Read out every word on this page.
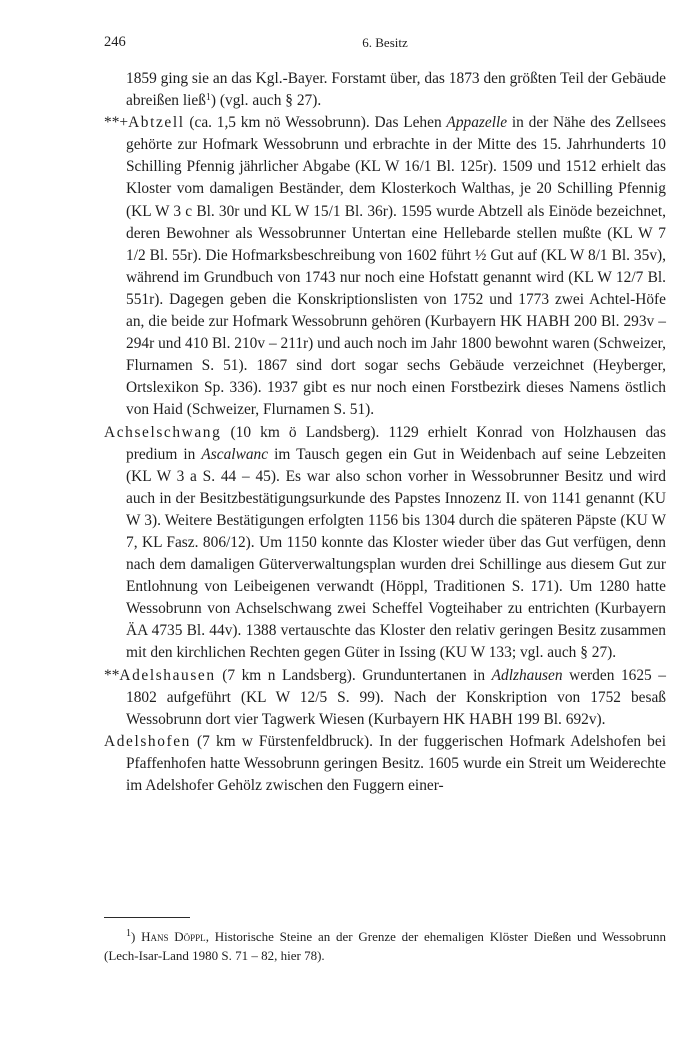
246	6. Besitz

1859 ging sie an das Kgl.-Bayer. Forstamt über, das 1873 den größten Teil der Gebäude abreißen ließ$^1$) (vgl. auch § 27).

**+Abtzell (ca. 1,5 km nö Wessobrunn). Das Lehen Appazelle in der Nähe des Zellsees gehörte zur Hofmark Wessobrunn und erbrachte in der Mitte des 15. Jahrhunderts 10 Schilling Pfennig jährlicher Abgabe (KL W 16/1 Bl. 125r). 1509 und 1512 erhielt das Kloster vom damaligen Beständer, dem Klosterkoch Walthas, je 20 Schilling Pfennig (KL W 3 c Bl. 30r und KL W 15/1 Bl. 36r). 1595 wurde Abtzell als Einöde bezeichnet, deren Bewohner als Wessobrunner Untertan eine Hellebarde stellen mußte (KL W 7 1/2 Bl. 55r). Die Hofmarksbeschreibung von 1602 führt ½ Gut auf (KL W 8/1 Bl. 35v), während im Grundbuch von 1743 nur noch eine Hofstatt genannt wird (KL W 12/7 Bl. 551r). Dagegen geben die Konskriptionslisten von 1752 und 1773 zwei Achtel-Höfe an, die beide zur Hofmark Wessobrunn gehören (Kurbayern HK HABH 200 Bl. 293v – 294r und 410 Bl. 210v – 211r) und auch noch im Jahr 1800 bewohnt waren (Schweizer, Flurnamen S. 51). 1867 sind dort sogar sechs Gebäude verzeichnet (Heyberger, Ortslexikon Sp. 336). 1937 gibt es nur noch einen Forstbezirk dieses Namens östlich von Haid (Schweizer, Flurnamen S. 51).

Achselschwang (10 km ö Landsberg). 1129 erhielt Konrad von Holzhausen das predium in Ascalwanc im Tausch gegen ein Gut in Weidenbach auf seine Lebzeiten (KL W 3 a S. 44 – 45). Es war also schon vorher in Wessobrunner Besitz und wird auch in der Besitzbestätigungsurkunde des Papstes Innozenz II. von 1141 genannt (KU W 3). Weitere Bestätigungen erfolgten 1156 bis 1304 durch die späteren Päpste (KU W 7, KL Fasz. 806/12). Um 1150 konnte das Kloster wieder über das Gut verfügen, denn nach dem damaligen Güterverwaltungsplan wurden drei Schillinge aus diesem Gut zur Entlohnung von Leibeigenen verwandt (Höppl, Traditionen S. 171). Um 1280 hatte Wessobrunn von Achselschwang zwei Scheffel Vogteihaber zu entrichten (Kurbayern ÄA 4735 Bl. 44v). 1388 vertauschte das Kloster den relativ geringen Besitz zusammen mit den kirchlichen Rechten gegen Güter in Issing (KU W 133; vgl. auch § 27).

**Adelshausen (7 km n Landsberg). Grunduntertanen in Adlzhausen werden 1625 – 1802 aufgeführt (KL W 12/5 S. 99). Nach der Konskription von 1752 besaß Wessobrunn dort vier Tagwerk Wiesen (Kurbayern HK HABH 199 Bl. 692v).

Adelshofen (7 km w Fürstenfeldbruck). In der fuggerischen Hofmark Adelshofen bei Pfaffenhofen hatte Wessobrunn geringen Besitz. 1605 wurde ein Streit um Weiderechte im Adelshofer Gehölz zwischen den Fuggern einer-

$^1$) Hans Döppl, Historische Steine an der Grenze der ehemaligen Klöster Dießen und Wessobrunn (Lech-Isar-Land 1980 S. 71 – 82, hier 78).
